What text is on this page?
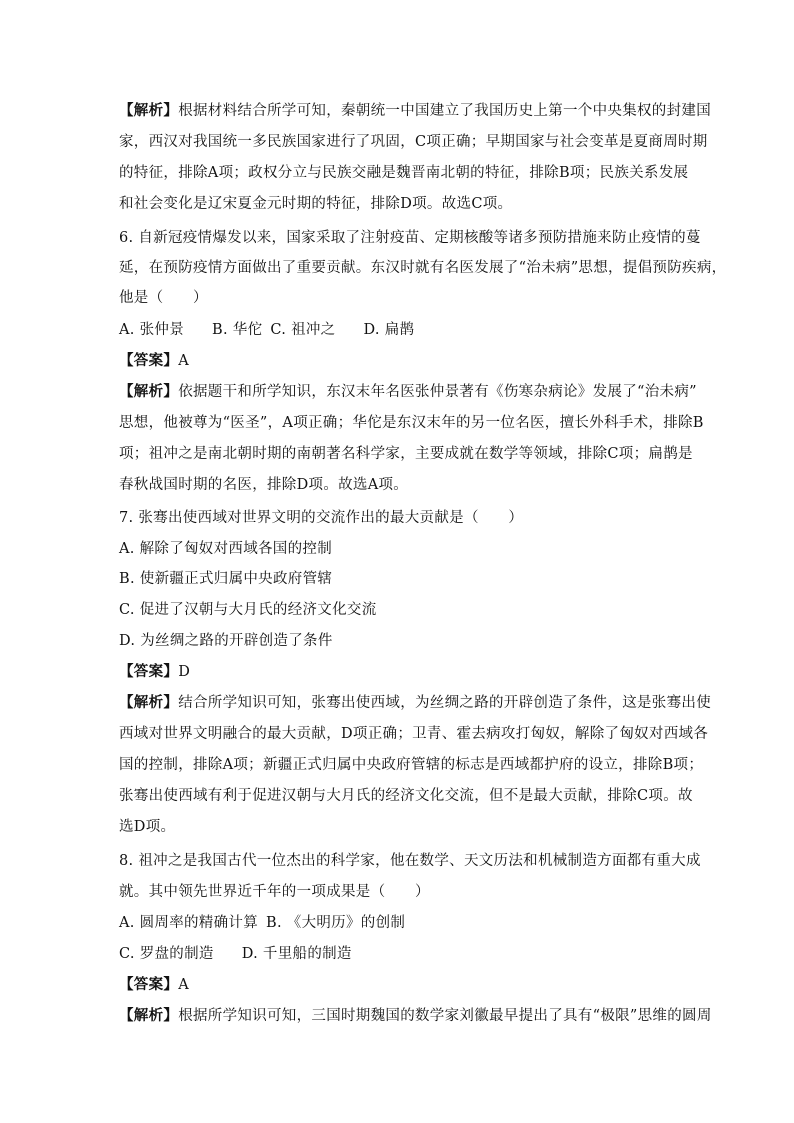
【解析】根据材料结合所学可知，秦朝统一中国建立了我国历史上第一个中央集权的封建国
家，西汉对我国统一多民族国家进行了巩固，C项正确；早期国家与社会变革是夏商周时期
的特征，排除A项；政权分立与民族交融是魏晋南北朝的特征，排除B项；民族关系发展
和社会变化是辽宋夏金元时期的特征，排除D项。故选C项。
6. 自新冠疫情爆发以来，国家采取了注射疫苗、定期核酸等诸多预防措施来防止疫情的蔓
延，在预防疫情方面做出了重要贡献。东汉时就有名医发展了“治未病”思想，提倡预防疾病，
他是（　　）
A. 张仲景 B. 华佗 C. 祖冲之 D. 扁鹊
【答案】A
【解析】依据题干和所学知识，东汉末年名医张仲景著有《伤寒杂病论》发展了“治未病”
思想，他被尊为“医圣”，A项正确；华佗是东汉末年的另一位名医，擅长外科手术，排除B
项；祖冲之是南北朝时期的南朝著名科学家，主要成就在数学等领域，排除C项；扁鹊是
春秋战国时期的名医，排除D项。故选A项。
7. 张骞出使西域对世界文明的交流作出的最大贡献是（　　）
A. 解除了匈奴对西域各国的控制
B. 使新疆正式归属中央政府管辖
C. 促进了汉朝与大月氏的经济文化交流
D. 为丝绸之路的开辟创造了条件
【答案】D
【解析】结合所学知识可知，张骞出使西域，为丝绸之路的开辟创造了条件，这是张骞出使
西域对世界文明融合的最大贡献，D项正确；卫青、霍去病攻打匈奴，解除了匈奴对西域各
国的控制，排除A项；新疆正式归属中央政府管辖的标志是西域都护府的设立，排除B项；
张骞出使西域有利于促进汉朝与大月氏的经济文化交流，但不是最大贡献，排除C项。故
选D项。
8. 祖冲之是我国古代一位杰出的科学家，他在数学、天文历法和机械制造方面都有重大成
就。其中领先世界近千年的一项成果是（　　）
A. 圆周率的精确计算 B. 《大明历》的创制
C. 罗盘的制造 D. 千里船的制造
【答案】A
【解析】根据所学知识可知，三国时期魏国的数学家刘徽最早提出了具有“极限”思维的圆周
